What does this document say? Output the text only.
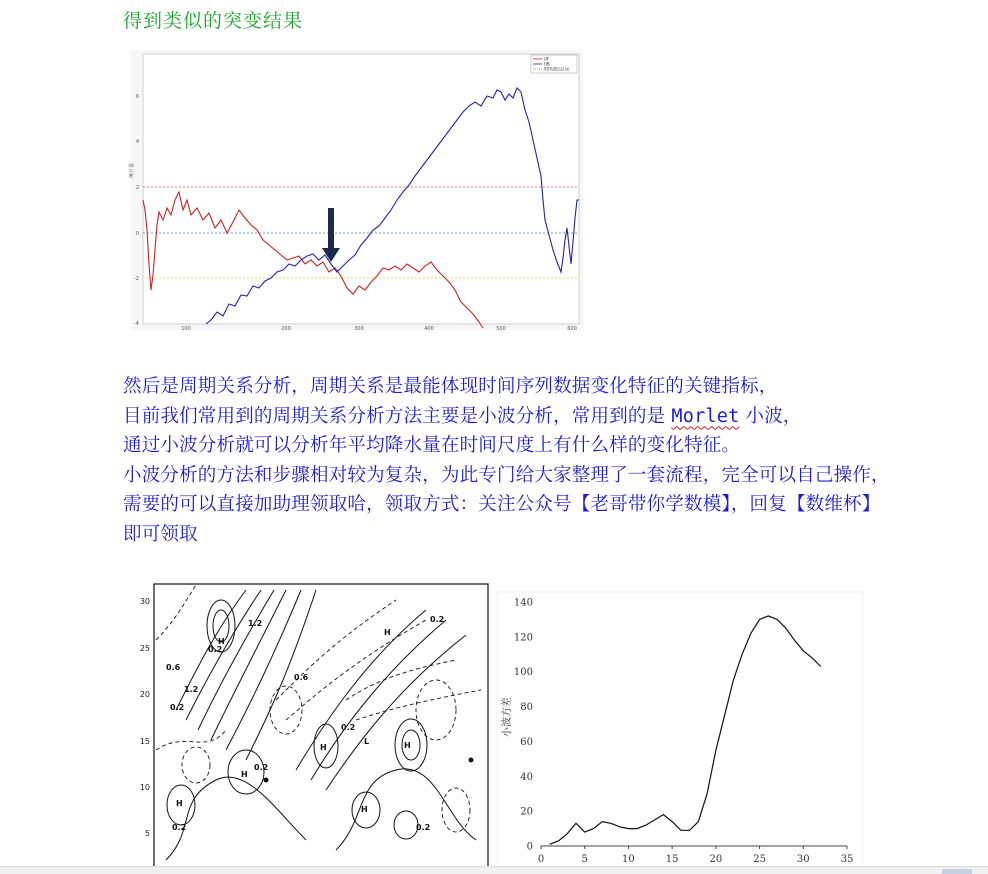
得到类似的突变结果
6
4
2
0
-2
-4
统计量
100	200	300	400	500	600
UF
UB
95%置信区间

然后是周期关系分析，周期关系是最能体现时间序列数据变化特征的关键指标，

目前我们常用到的周期关系分析方法主要是小波分析，常用到的是 Morlet 小波，

通过小波分析就可以分析年平均降水量在时间尺度上有什么样的变化特征。

小波分析的方法和步骤相对较为复杂，为此专门给大家整理了一套流程，完全可以自己操作，需要的可以直接加助理领取哈，领取方式：关注公众号【老哥带你学数模】，回复【数维杯】即可领取

30
25
20
15
10
5
H
0.2
1.2
1.2
0.6
0.6
0.2
H
0.2
H
H
H
L
0.2
0.2
H
H
0.2	0.2
小波方差
0	5	10	15	20	25	30	35
0
20
40
60
80
100
120
140
